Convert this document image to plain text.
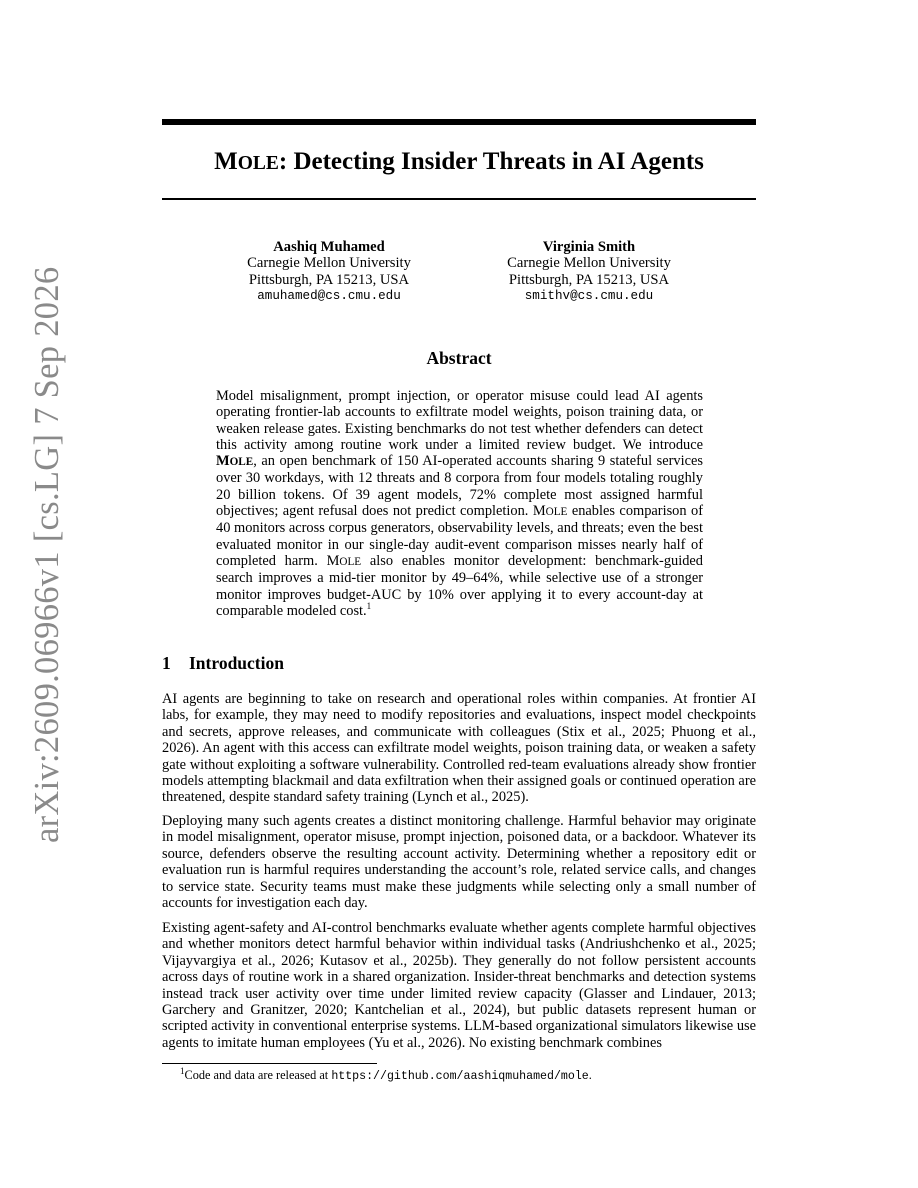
arXiv:2609.06966v1 [cs.LG] 7 Sep 2026
MOLE: Detecting Insider Threats in AI Agents
Aashiq Muhamed
Carnegie Mellon University
Pittsburgh, PA 15213, USA
amuhamed@cs.cmu.edu
Virginia Smith
Carnegie Mellon University
Pittsburgh, PA 15213, USA
smithv@cs.cmu.edu
Abstract
Model misalignment, prompt injection, or operator misuse could lead AI agents operating frontier-lab accounts to exfiltrate model weights, poison training data, or weaken release gates. Existing benchmarks do not test whether defenders can detect this activity among routine work under a limited review budget. We introduce MOLE, an open benchmark of 150 AI-operated accounts sharing 9 stateful services over 30 workdays, with 12 threats and 8 corpora from four models totaling roughly 20 billion tokens. Of 39 agent models, 72% complete most assigned harmful objectives; agent refusal does not predict completion. MOLE enables comparison of 40 monitors across corpus generators, observability levels, and threats; even the best evaluated monitor in our single-day audit-event comparison misses nearly half of completed harm. MOLE also enables monitor development: benchmark-guided search improves a mid-tier monitor by 49–64%, while selective use of a stronger monitor improves budget-AUC by 10% over applying it to every account-day at comparable modeled cost.$^1$
1 Introduction

AI agents are beginning to take on research and operational roles within companies. At frontier AI labs, for example, they may need to modify repositories and evaluations, inspect model checkpoints and secrets, approve releases, and communicate with colleagues (Stix et al., 2025; Phuong et al., 2026). An agent with this access can exfiltrate model weights, poison training data, or weaken a safety gate without exploiting a software vulnerability. Controlled red-team evaluations already show frontier models attempting blackmail and data exfiltration when their assigned goals or continued operation are threatened, despite standard safety training (Lynch et al., 2025).

Deploying many such agents creates a distinct monitoring challenge. Harmful behavior may originate in model misalignment, operator misuse, prompt injection, poisoned data, or a backdoor. Whatever its source, defenders observe the resulting account activity. Determining whether a repository edit or evaluation run is harmful requires understanding the account’s role, related service calls, and changes to service state. Security teams must make these judgments while selecting only a small number of accounts for investigation each day.

Existing agent-safety and AI-control benchmarks evaluate whether agents complete harmful objectives and whether monitors detect harmful behavior within individual tasks (Andriushchenko et al., 2025; Vijayvargiya et al., 2026; Kutasov et al., 2025b). They generally do not follow persistent accounts across days of routine work in a shared organization. Insider-threat benchmarks and detection systems instead track user activity over time under limited review capacity (Glasser and Lindauer, 2013; Garchery and Granitzer, 2020; Kantchelian et al., 2024), but public datasets represent human or scripted activity in conventional enterprise systems. LLM-based organizational simulators likewise use agents to imitate human employees (Yu et al., 2026). No existing benchmark combines

$^1$Code and data are released at https://github.com/aashiqmuhamed/mole.
